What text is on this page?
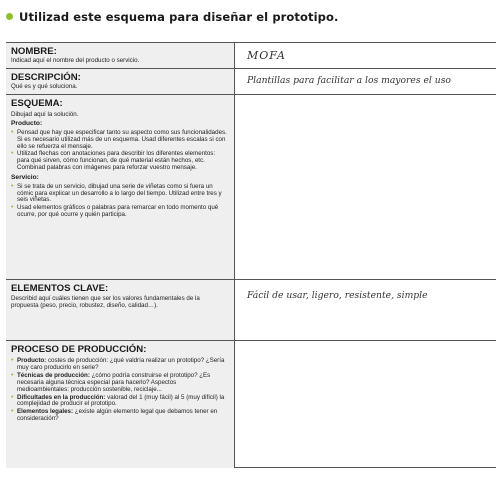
Utilizad este esquema para diseñar el prototipo.
NOMBRE:
Indicad aquí el nombre del producto o servicio.	MOFA
DESCRIPCIÓN:
Qué es y qué soluciona.
Plantillas para facilitar a los mayores el uso
ESQUEMA:
Dibujad aquí la solución.
Producto:
• Pensad que hay que especificar tanto su aspecto como sus funcionalidades. Si es necesario utilizad más de un esquema. Usad diferentes escalas si con ello se refuerza el mensaje.
• Utilizad flechas con anotaciones para describir los diferentes elementos: para qué sirven, cómo funcionan, de qué material están hechos, etc. Combinad palabras con imágenes para reforzar vuestro mensaje.
Servicio:
• Si se trata de un servicio, dibujad una serie de viñetas como si fuera un cómic para explicar un desarrollo a lo largo del tiempo. Utilizad entre tres y seis viñetas.
• Usad elementos gráficos o palabras para remarcar en todo momento qué ocurre, por qué ocurre y quién participa.
ELEMENTOS CLAVE:
Describid aquí cuáles tienen que ser los valores fundamentales de la propuesta (peso, precio, robustez, diseño, calidad…).
Fácil de usar, ligero, resistente, simple
PROCESO DE PRODUCCIÓN:
• Producto: costes de producción: ¿qué valdría realizar un prototipo? ¿Sería muy caro producirlo en serie?
• Técnicas de producción: ¿cómo podría construirse el prototipo? ¿Es necesaria alguna técnica especial para hacerlo? Aspectos medioambientales: producción sostenible, reciclaje...
• Dificultades en la producción: valorad del 1 (muy fácil) al 5 (muy difícil) la complejidad de producir el prototipo.
• Elementos legales: ¿existe algún elemento legal que debamos tener en consideración?
